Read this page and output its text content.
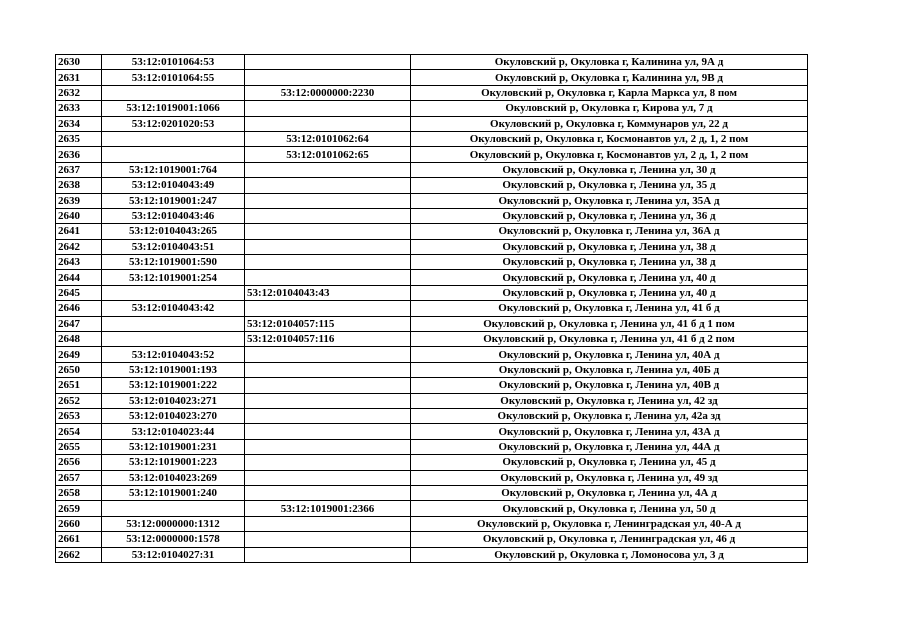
2630	53:12:0101064:53		Окуловский р, Окуловка г, Калинина ул, 9А д
2631	53:12:0101064:55		Окуловский р, Окуловка г, Калинина ул, 9В д
2632		53:12:0000000:2230	Окуловский р, Окуловка г, Карла Маркса ул, 8 пом
2633	53:12:1019001:1066		Окуловский р, Окуловка г, Кирова ул, 7 д
2634	53:12:0201020:53		Окуловский р, Окуловка г, Коммунаров ул, 22 д
2635		53:12:0101062:64	Окуловский р, Окуловка г, Космонавтов ул, 2 д, 1, 2 пом
2636		53:12:0101062:65	Окуловский р, Окуловка г, Космонавтов ул, 2 д, 1, 2 пом
2637	53:12:1019001:764		Окуловский р, Окуловка г, Ленина ул, 30 д
2638	53:12:0104043:49		Окуловский р, Окуловка г, Ленина ул, 35 д
2639	53:12:1019001:247		Окуловский р, Окуловка г, Ленина ул, 35А д
2640	53:12:0104043:46		Окуловский р, Окуловка г, Ленина ул, 36 д
2641	53:12:0104043:265		Окуловский р, Окуловка г, Ленина ул, 36А д
2642	53:12:0104043:51		Окуловский р, Окуловка г, Ленина ул, 38 д
2643	53:12:1019001:590		Окуловский р, Окуловка г, Ленина ул, 38 д
2644	53:12:1019001:254		Окуловский р, Окуловка г, Ленина ул, 40 д
2645		53:12:0104043:43	Окуловский р, Окуловка г, Ленина ул, 40 д
2646	53:12:0104043:42		Окуловский р, Окуловка г, Ленина ул, 41 б д
2647		53:12:0104057:115	Окуловский р, Окуловка г, Ленина ул, 41 б д 1 пом
2648		53:12:0104057:116	Окуловский р, Окуловка г, Ленина ул, 41 б д 2 пом
2649	53:12:0104043:52		Окуловский р, Окуловка г, Ленина ул, 40А д
2650	53:12:1019001:193		Окуловский р, Окуловка г, Ленина ул, 40Б д
2651	53:12:1019001:222		Окуловский р, Окуловка г, Ленина ул, 40В д
2652	53:12:0104023:271		Окуловский р, Окуловка г, Ленина ул, 42 зд
2653	53:12:0104023:270		Окуловский р, Окуловка г, Ленина ул, 42а зд
2654	53:12:0104023:44		Окуловский р, Окуловка г, Ленина ул, 43А д
2655	53:12:1019001:231		Окуловский р, Окуловка г, Ленина ул, 44А д
2656	53:12:1019001:223		Окуловский р, Окуловка г, Ленина ул, 45 д
2657	53:12:0104023:269		Окуловский р, Окуловка г, Ленина ул, 49 зд
2658	53:12:1019001:240		Окуловский р, Окуловка г, Ленина ул, 4А д
2659		53:12:1019001:2366	Окуловский р, Окуловка г, Ленина ул, 50 д
2660	53:12:0000000:1312		Окуловский р, Окуловка г, Ленинградская ул, 40-А д
2661	53:12:0000000:1578		Окуловский р, Окуловка г, Ленинградская ул, 46 д
2662	53:12:0104027:31		Окуловский р, Окуловка г, Ломоносова ул, 3 д
